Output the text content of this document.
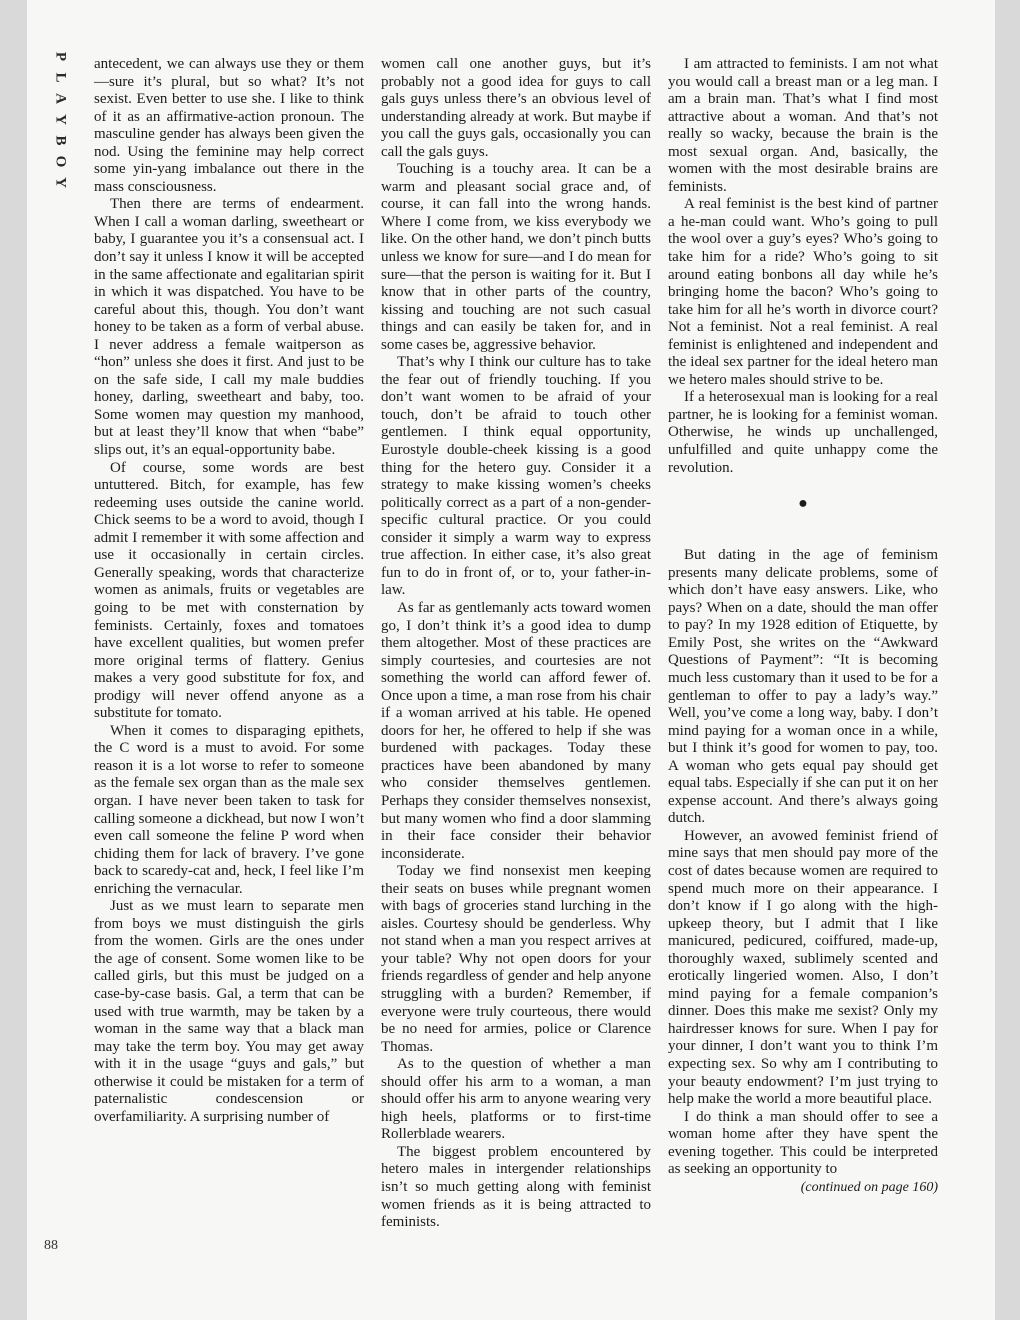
P
L
A
Y
B
O
Y
88

antecedent, we can always use they or them—sure it’s plural, but so what? It’s not sexist. Even better to use she. I like to think of it as an affirmative-action pronoun. The masculine gender has always been given the nod. Using the feminine may help correct some yin-yang imbalance out there in the mass consciousness.

Then there are terms of endearment. When I call a woman darling, sweetheart or baby, I guarantee you it’s a consensual act. I don’t say it unless I know it will be accepted in the same affectionate and egalitarian spirit in which it was dispatched. You have to be careful about this, though. You don’t want honey to be taken as a form of verbal abuse. I never address a female waitperson as “hon” unless she does it first. And just to be on the safe side, I call my male buddies honey, darling, sweetheart and baby, too. Some women may question my manhood, but at least they’ll know that when “babe” slips out, it’s an equal-opportunity babe.

Of course, some words are best untuttered. Bitch, for example, has few redeeming uses outside the canine world. Chick seems to be a word to avoid, though I admit I remember it with some affection and use it occasionally in certain circles. Generally speaking, words that characterize women as animals, fruits or vegetables are going to be met with consternation by feminists. Certainly, foxes and tomatoes have excellent qualities, but women prefer more original terms of flattery. Genius makes a very good substitute for fox, and prodigy will never offend anyone as a substitute for tomato.

When it comes to disparaging epithets, the C word is a must to avoid. For some reason it is a lot worse to refer to someone as the female sex organ than as the male sex organ. I have never been taken to task for calling someone a dickhead, but now I won’t even call someone the feline P word when chiding them for lack of bravery. I’ve gone back to scaredy-cat and, heck, I feel like I’m enriching the vernacular.

Just as we must learn to separate men from boys we must distinguish the girls from the women. Girls are the ones under the age of consent. Some women like to be called girls, but this must be judged on a case-by-case basis. Gal, a term that can be used with true warmth, may be taken by a woman in the same way that a black man may take the term boy. You may get away with it in the usage “guys and gals,” but otherwise it could be mistaken for a term of paternalistic condescension or overfamiliarity. A surprising number of

women call one another guys, but it’s probably not a good idea for guys to call gals guys unless there’s an obvious level of understanding already at work. But maybe if you call the guys gals, occasionally you can call the gals guys.

Touching is a touchy area. It can be a warm and pleasant social grace and, of course, it can fall into the wrong hands. Where I come from, we kiss everybody we like. On the other hand, we don’t pinch butts unless we know for sure—and I do mean for sure—that the person is waiting for it. But I know that in other parts of the country, kissing and touching are not such casual things and can easily be taken for, and in some cases be, aggressive behavior.

That’s why I think our culture has to take the fear out of friendly touching. If you don’t want women to be afraid of your touch, don’t be afraid to touch other gentlemen. I think equal opportunity, Eurostyle double-cheek kissing is a good thing for the hetero guy. Consider it a strategy to make kissing women’s cheeks politically correct as a part of a non-gender-specific cultural practice. Or you could consider it simply a warm way to express true affection. In either case, it’s also great fun to do in front of, or to, your father-in-law.

As far as gentlemanly acts toward women go, I don’t think it’s a good idea to dump them altogether. Most of these practices are simply courtesies, and courtesies are not something the world can afford fewer of. Once upon a time, a man rose from his chair if a woman arrived at his table. He opened doors for her, he offered to help if she was burdened with packages. Today these practices have been abandoned by many who consider themselves gentlemen. Perhaps they consider themselves nonsexist, but many women who find a door slamming in their face consider their behavior inconsiderate.

Today we find nonsexist men keeping their seats on buses while pregnant women with bags of groceries stand lurching in the aisles. Courtesy should be genderless. Why not stand when a man you respect arrives at your table? Why not open doors for your friends regardless of gender and help anyone struggling with a burden? Remember, if everyone were truly courteous, there would be no need for armies, police or Clarence Thomas.

As to the question of whether a man should offer his arm to a woman, a man should offer his arm to anyone wearing very high heels, platforms or to first-time Rollerblade wearers.

The biggest problem encountered by hetero males in intergender relationships isn’t so much getting along with feminist women friends as it is being attracted to feminists.

I am attracted to feminists. I am not what you would call a breast man or a leg man. I am a brain man. That’s what I find most attractive about a woman. And that’s not really so wacky, because the brain is the most sexual organ. And, basically, the women with the most desirable brains are feminists.

A real feminist is the best kind of partner a he-man could want. Who’s going to pull the wool over a guy’s eyes? Who’s going to take him for a ride? Who’s going to sit around eating bonbons all day while he’s bringing home the bacon? Who’s going to take him for all he’s worth in divorce court? Not a feminist. Not a real feminist. A real feminist is enlightened and independent and the ideal sex partner for the ideal hetero man we hetero males should strive to be.

If a heterosexual man is looking for a real partner, he is looking for a feminist woman. Otherwise, he winds up unchallenged, unfulfilled and quite unhappy come the revolution.

●

But dating in the age of feminism presents many delicate problems, some of which don’t have easy answers. Like, who pays? When on a date, should the man offer to pay? In my 1928 edition of Etiquette, by Emily Post, she writes on the “Awkward Questions of Payment”: “It is becoming much less customary than it used to be for a gentleman to offer to pay a lady’s way.” Well, you’ve come a long way, baby. I don’t mind paying for a woman once in a while, but I think it’s good for women to pay, too. A woman who gets equal pay should get equal tabs. Especially if she can put it on her expense account. And there’s always going dutch.

However, an avowed feminist friend of mine says that men should pay more of the cost of dates because women are required to spend much more on their appearance. I don’t know if I go along with the high-upkeep theory, but I admit that I like manicured, pedicured, coiffured, made-up, thoroughly waxed, sublimely scented and erotically lingeried women. Also, I don’t mind paying for a female companion’s dinner. Does this make me sexist? Only my hairdresser knows for sure. When I pay for your dinner, I don’t want you to think I’m expecting sex. So why am I contributing to your beauty endowment? I’m just trying to help make the world a more beautiful place.

I do think a man should offer to see a woman home after they have spent the evening together. This could be interpreted as seeking an opportunity to

(continued on page 160)
